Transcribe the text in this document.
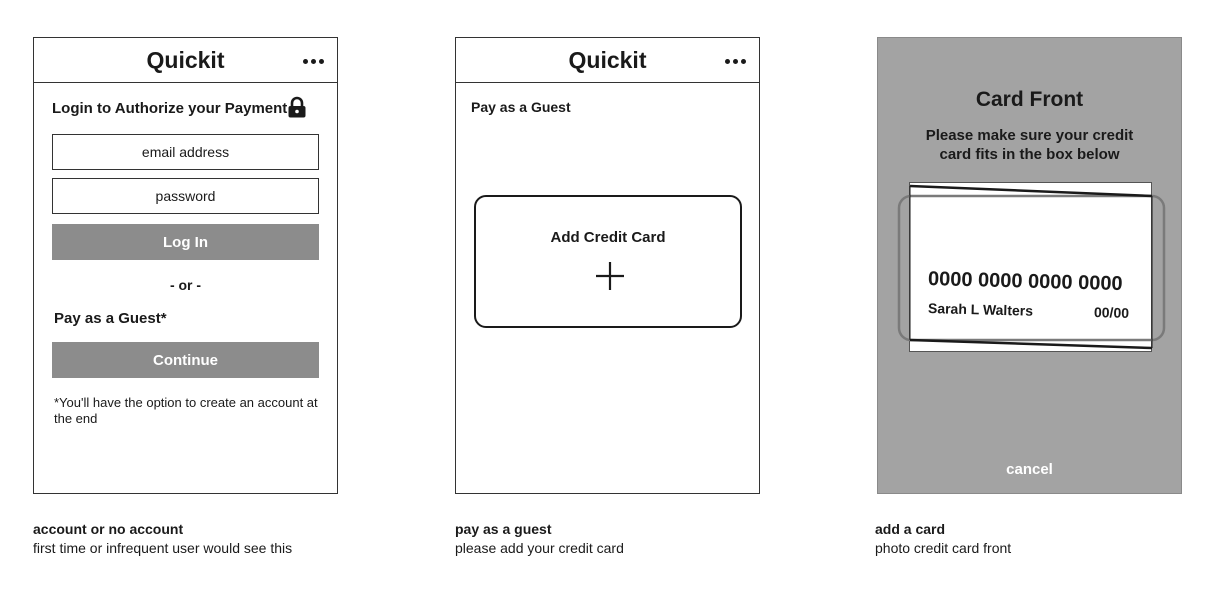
Quickit
Login to Authorize your Payment
email address
password
Log In
- or -
Pay as a Guest*
Continue
*You'll have the option to create an account at the end
Quickit
Pay as a Guest
Add Credit Card
Card Front
Please make sure your credit card fits in the box below
0000 0000 0000 0000
Sarah L Walters	00/00
cancel
account or no account
first time or infrequent user would see this
pay as a guest
please add your credit card
add a card
photo credit card front
